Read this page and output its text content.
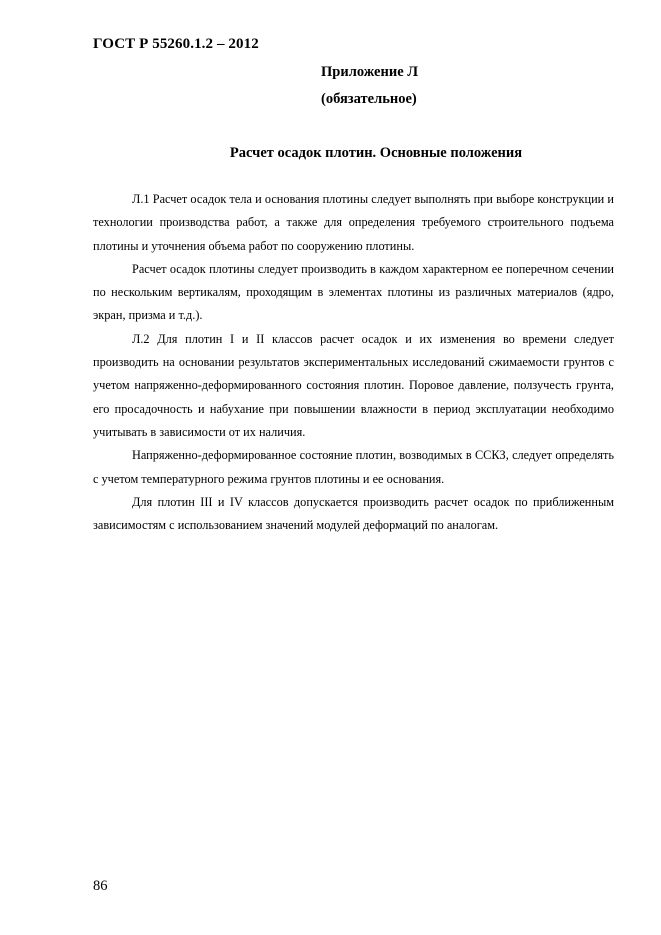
ГОСТ Р 55260.1.2 – 2012
Приложение Л
(обязательное)
Расчет осадок плотин. Основные положения

Л.1 Расчет осадок тела и основания плотины следует выполнять при выборе конструкции и технологии производства работ, а также для определения требуемого строительного подъема плотины и уточнения объема работ по сооружению плотины.

Расчет осадок плотины следует производить в каждом характерном ее поперечном сечении по нескольким вертикалям, проходящим в элементах плотины из различных материалов (ядро, экран, призма и т.д.).

Л.2 Для плотин I и II классов расчет осадок и их изменения во времени следует производить на основании результатов экспериментальных исследований сжимаемости грунтов с учетом напряженно-деформированного состояния плотин. Поровое давление, ползучесть грунта, его просадочность и набухание при повышении влажности в период эксплуатации необходимо учитывать в зависимости от их наличия.

Напряженно-деформированное состояние плотин, возводимых в ССКЗ, следует определять с учетом температурного режима грунтов плотины и ее основания.

Для плотин III и IV классов допускается производить расчет осадок по приближенным зависимостям с использованием значений модулей деформаций по аналогам.

86
